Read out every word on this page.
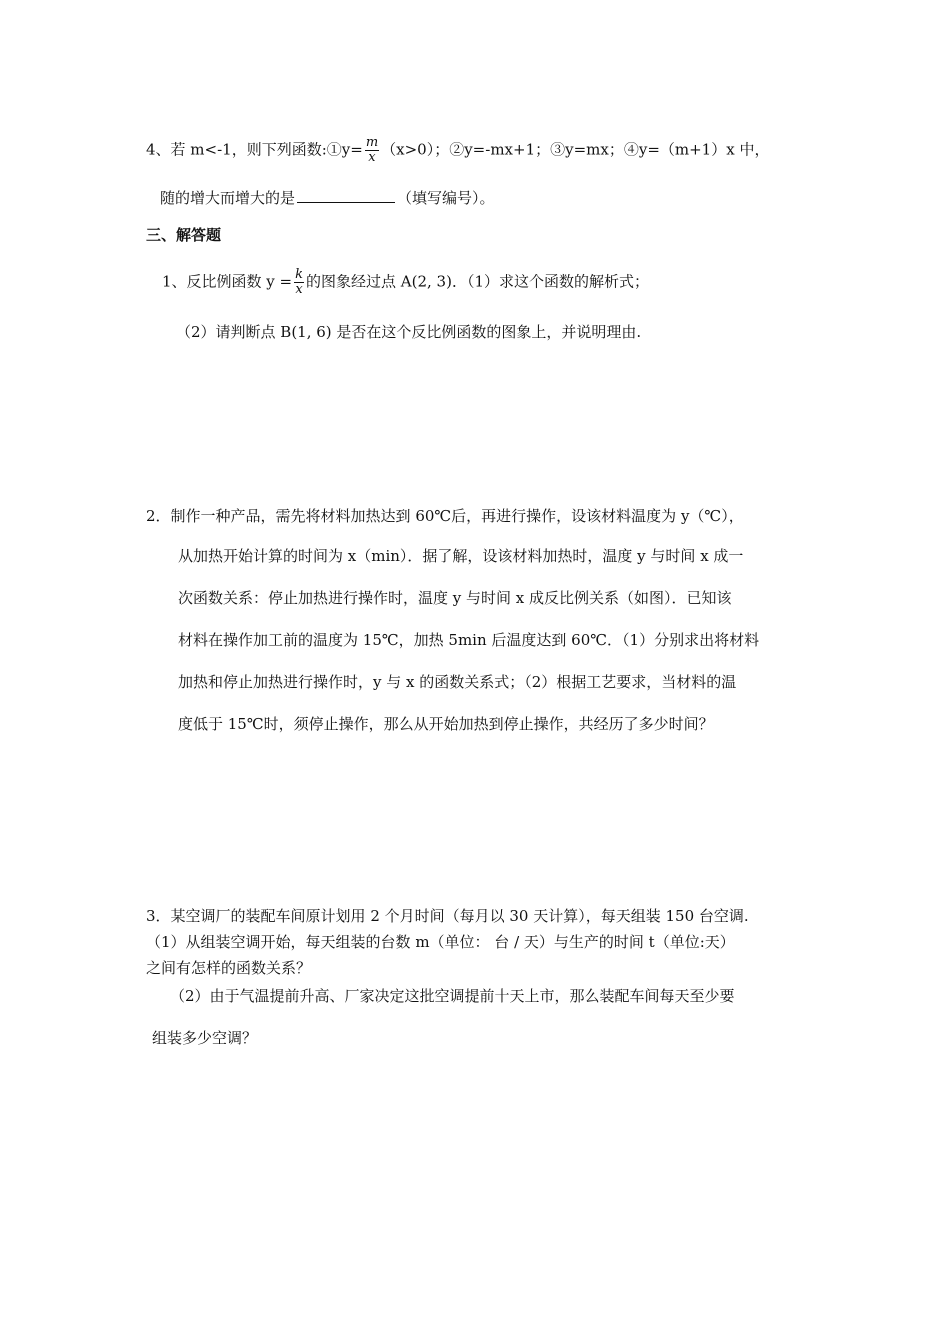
4、若 m<-1，则下列函数:①y= $\frac{m}{x} (x>0)$；②y=-mx+1；③y=mx；④y=（m+1）x 中，
随的增大而增大的是	（填写编号）。
三、解答题
1、反比例函数 $y = \frac{k}{x}$ 的图象经过点 A(2, 3)．（1）求这个函数的解析式；
（2）请判断点 B(1, 6) 是否在这个反比例函数的图象上，并说明理由.
2．制作一种产品，需先将材料加热达到 60℃后，再进行操作，设该材料温度为 y（℃），
从加热开始计算的时间为 x（min）．据了解，设该材料加热时，温度 y 与时间 x 成一
次函数关系：停止加热进行操作时，温度 y 与时间 x 成反比例关系（如图）．已知该
材料在操作加工前的温度为 15℃，加热 5min 后温度达到 60℃．（1）分别求出将材料
加热和停止加热进行操作时，y 与 x 的函数关系式；（2）根据工艺要求，当材料的温
度低于 15℃时，须停止操作，那么从开始加热到停止操作，共经历了多少时间？
3．某空调厂的装配车间原计划用 2 个月时间（每月以 30 天计算），每天组装 150 台空调.
（1）从组装空调开始，每天组装的台数 m（单位： 台 / 天）与生产的时间 t（单位:天）
之间有怎样的函数关系？
（2）由于气温提前升高、厂家决定这批空调提前十天上市，那么装配车间每天至少要
组装多少空调？
